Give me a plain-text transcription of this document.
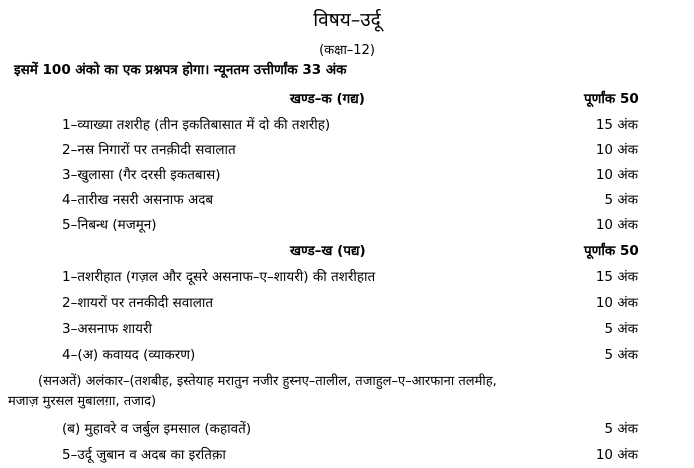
विषय–उर्दू
(कक्षा–12)
इसमें 100 अंको का एक प्रश्नपत्र होगा। न्यूनतम उत्तीर्णांक 33 अंक
खण्ड–क (गद्य)	पूर्णांक 50
1–व्याख्या तशरीह (तीन इकतिबासात में दो की तशरीह)	15 अंक
2–नस्र निगारों पर तनक़ीदी सवालात	10 अंक
3–खुलासा (गैर दरसी इकतबास)	10 अंक
4–तारीख नसरी असनाफ अदब	5 अंक
5–निबन्ध (मजमून)	10 अंक
खण्ड–ख (पद्य)	पूर्णांक 50
1–तशरीहात (गज़ल और दूसरे असनाफ–ए–शायरी) की तशरीहात	15 अंक
2–शायरों पर तनकीदी सवालात	10 अंक
3–असनाफ शायरी	5 अंक
4–(अ) कवायद (व्याकरण)	5 अंक
(सनअतें) अलंकार–(तशबीह, इस्तेयाह मरातुन नजीर हुस्नए–तालील, तजाहुल–ए–आरफाना तलमीह,
मजाज़ मुरसल मुबालग़ा, तजाद)
(ब) मुहावरे व जर्बुल इमसाल (कहावतें)	5 अंक
5–उर्दू जुबान व अदब का इरतिक़ा	10 अंक
